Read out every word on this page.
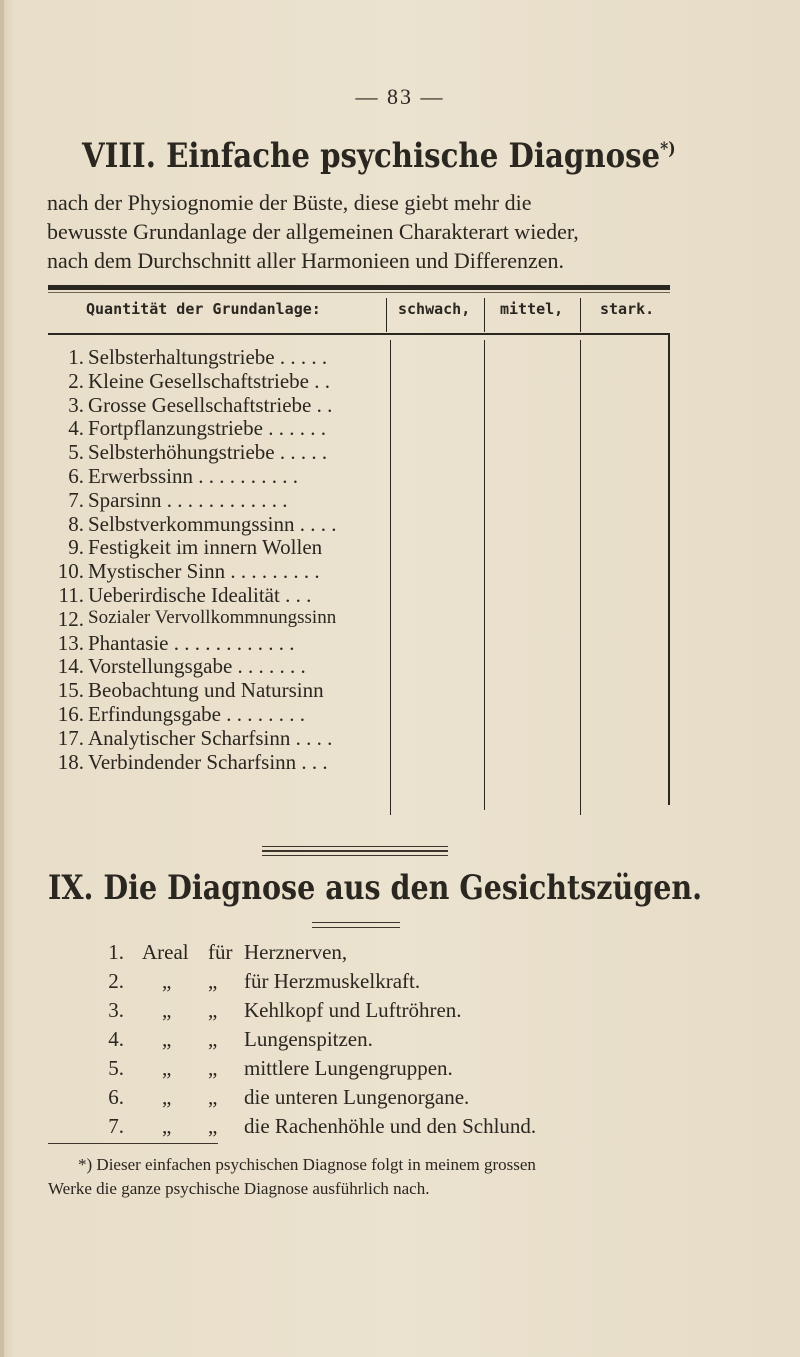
— 83 —
VIII. Einfache psychische Diagnose*)
nach der Physiognomie der Büste, diese giebt mehr die
bewusste Grundanlage der allgemeinen Charakterart wieder,
nach dem Durchschnitt aller Harmonieen und Differenzen.
Quantität der Grundanlage:	schwach, mittel, stark.
1. Selbsterhaltungstriebe . . . . .
2. Kleine Gesellschaftstriebe . .
3. Grosse Gesellschaftstriebe . .
4. Fortpflanzungstriebe . . . . . .
5. Selbsterhöhungstriebe . . . . .
6. Erwerbssinn . . . . . . . . . .
7. Sparsinn . . . . . . . . . . . .
8. Selbstverkommungssinn . . . .
9. Festigkeit im innern Wollen
10. Mystischer Sinn . . . . . . . . .
11. Ueberirdische Idealität . . .
12. Sozialer Vervollkommnungssinn
13. Phantasie . . . . . . . . . . . .
14. Vorstellungsgabe . . . . . . .
15. Beobachtung und Natursinn
16. Erfindungsgabe . . . . . . . .
17. Analytischer Scharfsinn . . . .
18. Verbindender Scharfsinn . . .
IX. Die Diagnose aus den Gesichtszügen.
1. Areal für Herznerven,
2. „ „ für Herzmuskelkraft.
3. „ „ Kehlkopf und Luftröhren.
4. „ „ Lungenspitzen.
5. „ „ mittlere Lungengruppen.
6. „ „ die unteren Lungenorgane.
7. „ „ die Rachenhöhle und den Schlund.
*) Dieser einfachen psychischen Diagnose folgt in meinem grossen
Werke die ganze psychische Diagnose ausführlich nach.
